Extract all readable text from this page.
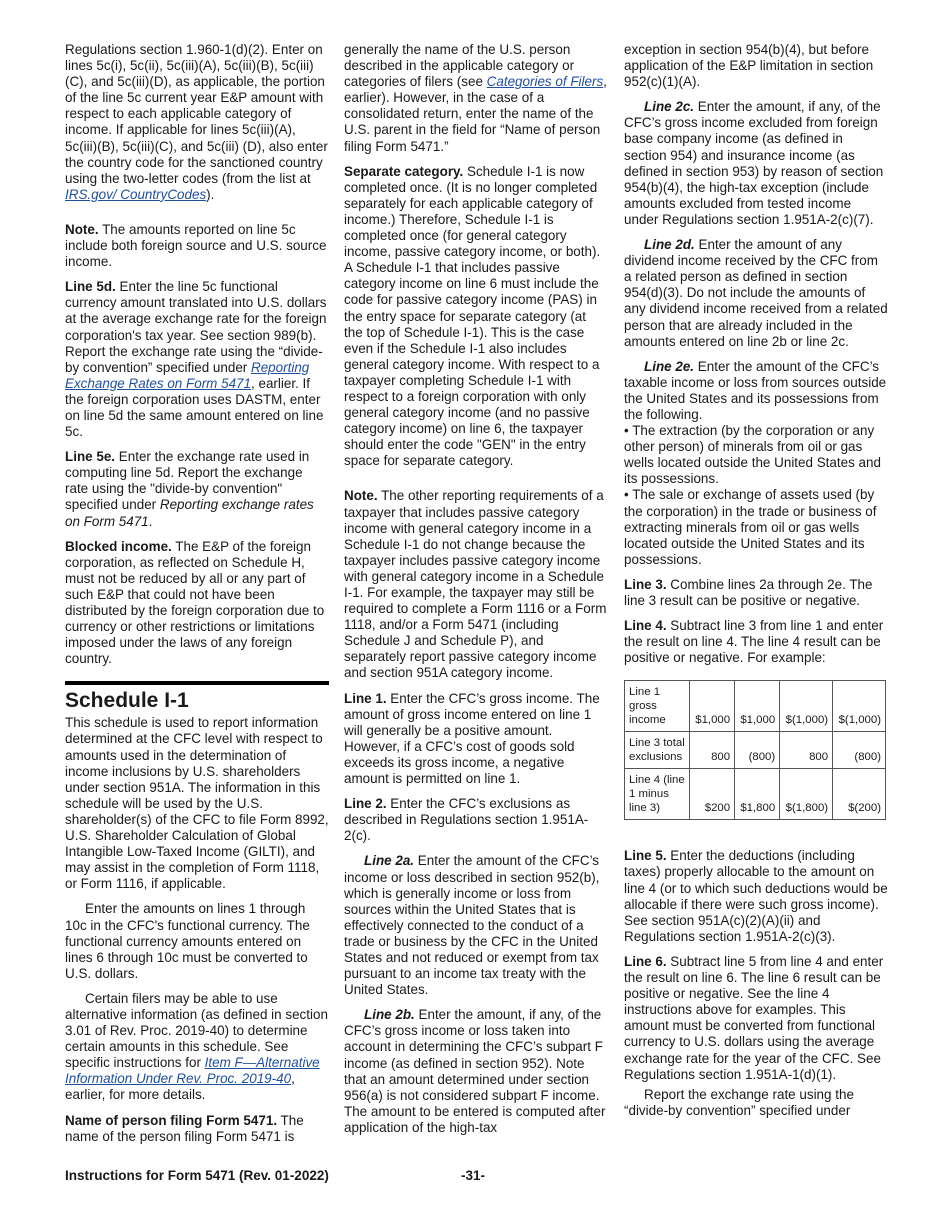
Regulations section 1.960-1(d)(2). Enter on lines 5c(i), 5c(ii), 5c(iii)(A), 5c(iii)(B), 5c(iii)(C), and 5c(iii)(D), as applicable, the portion of the line 5c current year E&P amount with respect to each applicable category of income. If applicable for lines 5c(iii)(A), 5c(iii)(B), 5c(iii)(C), and 5c(iii) (D), also enter the country code for the sanctioned country using the two-letter codes (from the list at IRS.gov/ CountryCodes).

Note. The amounts reported on line 5c include both foreign source and U.S. source income.

Line 5d. Enter the line 5c functional currency amount translated into U.S. dollars at the average exchange rate for the foreign corporation's tax year. See section 989(b). Report the exchange rate using the “divide-by convention” specified under Reporting Exchange Rates on Form 5471, earlier. If the foreign corporation uses DASTM, enter on line 5d the same amount entered on line 5c.

Line 5e. Enter the exchange rate used in computing line 5d. Report the exchange rate using the "divide-by convention" specified under Reporting exchange rates on Form 5471.

Blocked income. The E&P of the foreign corporation, as reflected on Schedule H, must not be reduced by all or any part of such E&P that could not have been distributed by the foreign corporation due to currency or other restrictions or limitations imposed under the laws of any foreign country.

Schedule I-1

This schedule is used to report information determined at the CFC level with respect to amounts used in the determination of income inclusions by U.S. shareholders under section 951A. The information in this schedule will be used by the U.S. shareholder(s) of the CFC to file Form 8992, U.S. Shareholder Calculation of Global Intangible Low-Taxed Income (GILTI), and may assist in the completion of Form 1118, or Form 1116, if applicable.

Enter the amounts on lines 1 through 10c in the CFC's functional currency. The functional currency amounts entered on lines 6 through 10c must be converted to U.S. dollars.

Certain filers may be able to use alternative information (as defined in section 3.01 of Rev. Proc. 2019-40) to determine certain amounts in this schedule. See specific instructions for Item F—Alternative Information Under Rev. Proc. 2019-40, earlier, for more details.

Name of person filing Form 5471. The name of the person filing Form 5471 is

generally the name of the U.S. person described in the applicable category or categories of filers (see Categories of Filers, earlier). However, in the case of a consolidated return, enter the name of the U.S. parent in the field for “Name of person filing Form 5471.”

Separate category. Schedule I-1 is now completed once. (It is no longer completed separately for each applicable category of income.) Therefore, Schedule I-1 is completed once (for general category income, passive category income, or both). A Schedule I-1 that includes passive category income on line 6 must include the code for passive category income (PAS) in the entry space for separate category (at the top of Schedule I-1). This is the case even if the Schedule I-1 also includes general category income. With respect to a taxpayer completing Schedule I-1 with respect to a foreign corporation with only general category income (and no passive category income) on line 6, the taxpayer should enter the code "GEN" in the entry space for separate category.

Note. The other reporting requirements of a taxpayer that includes passive category income with general category income in a Schedule I-1 do not change because the taxpayer includes passive category income with general category income in a Schedule I-1. For example, the taxpayer may still be required to complete a Form 1116 or a Form 1118, and/or a Form 5471 (including Schedule J and Schedule P), and separately report passive category income and section 951A category income.

Line 1. Enter the CFC’s gross income. The amount of gross income entered on line 1 will generally be a positive amount. However, if a CFC’s cost of goods sold exceeds its gross income, a negative amount is permitted on line 1.

Line 2. Enter the CFC’s exclusions as described in Regulations section 1.951A-2(c).

Line 2a. Enter the amount of the CFC’s income or loss described in section 952(b), which is generally income or loss from sources within the United States that is effectively connected to the conduct of a trade or business by the CFC in the United States and not reduced or exempt from tax pursuant to an income tax treaty with the United States.

Line 2b. Enter the amount, if any, of the CFC’s gross income or loss taken into account in determining the CFC’s subpart F income (as defined in section 952). Note that an amount determined under section 956(a) is not considered subpart F income. The amount to be entered is computed after application of the high-tax

exception in section 954(b)(4), but before application of the E&P limitation in section 952(c)(1)(A).

Line 2c. Enter the amount, if any, of the CFC’s gross income excluded from foreign base company income (as defined in section 954) and insurance income (as defined in section 953) by reason of section 954(b)(4), the high-tax exception (include amounts excluded from tested income under Regulations section 1.951A-2(c)(7).

Line 2d. Enter the amount of any dividend income received by the CFC from a related person as defined in section 954(d)(3). Do not include the amounts of any dividend income received from a related person that are already included in the amounts entered on line 2b or line 2c.

Line 2e. Enter the amount of the CFC’s taxable income or loss from sources outside the United States and its possessions from the following.

• The extraction (by the corporation or any other person) of minerals from oil or gas wells located outside the United States and its possessions.

• The sale or exchange of assets used (by the corporation) in the trade or business of extracting minerals from oil or gas wells located outside the United States and its possessions.

Line 3. Combine lines 2a through 2e. The line 3 result can be positive or negative.

Line 4. Subtract line 3 from line 1 and enter the result on line 4. The line 4 result can be positive or negative. For example:

Line 1 gross income	$1,000	$1,000	$(1,000)	$(1,000)
Line 3 total exclusions	800	(800)	800	(800)
Line 4 (line 1 minus line 3)	$200	$1,800	$(1,800)	$(200)

Line 5. Enter the deductions (including taxes) properly allocable to the amount on line 4 (or to which such deductions would be allocable if there were such gross income). See section 951A(c)(2)(A)(ii) and Regulations section 1.951A-2(c)(3).

Line 6. Subtract line 5 from line 4 and enter the result on line 6. The line 6 result can be positive or negative. See the line 4 instructions above for examples. This amount must be converted from functional currency to U.S. dollars using the average exchange rate for the year of the CFC. See Regulations section 1.951A-1(d)(1).

Report the exchange rate using the “divide-by convention” specified under

Instructions for Form 5471 (Rev. 01-2022)	-31-
